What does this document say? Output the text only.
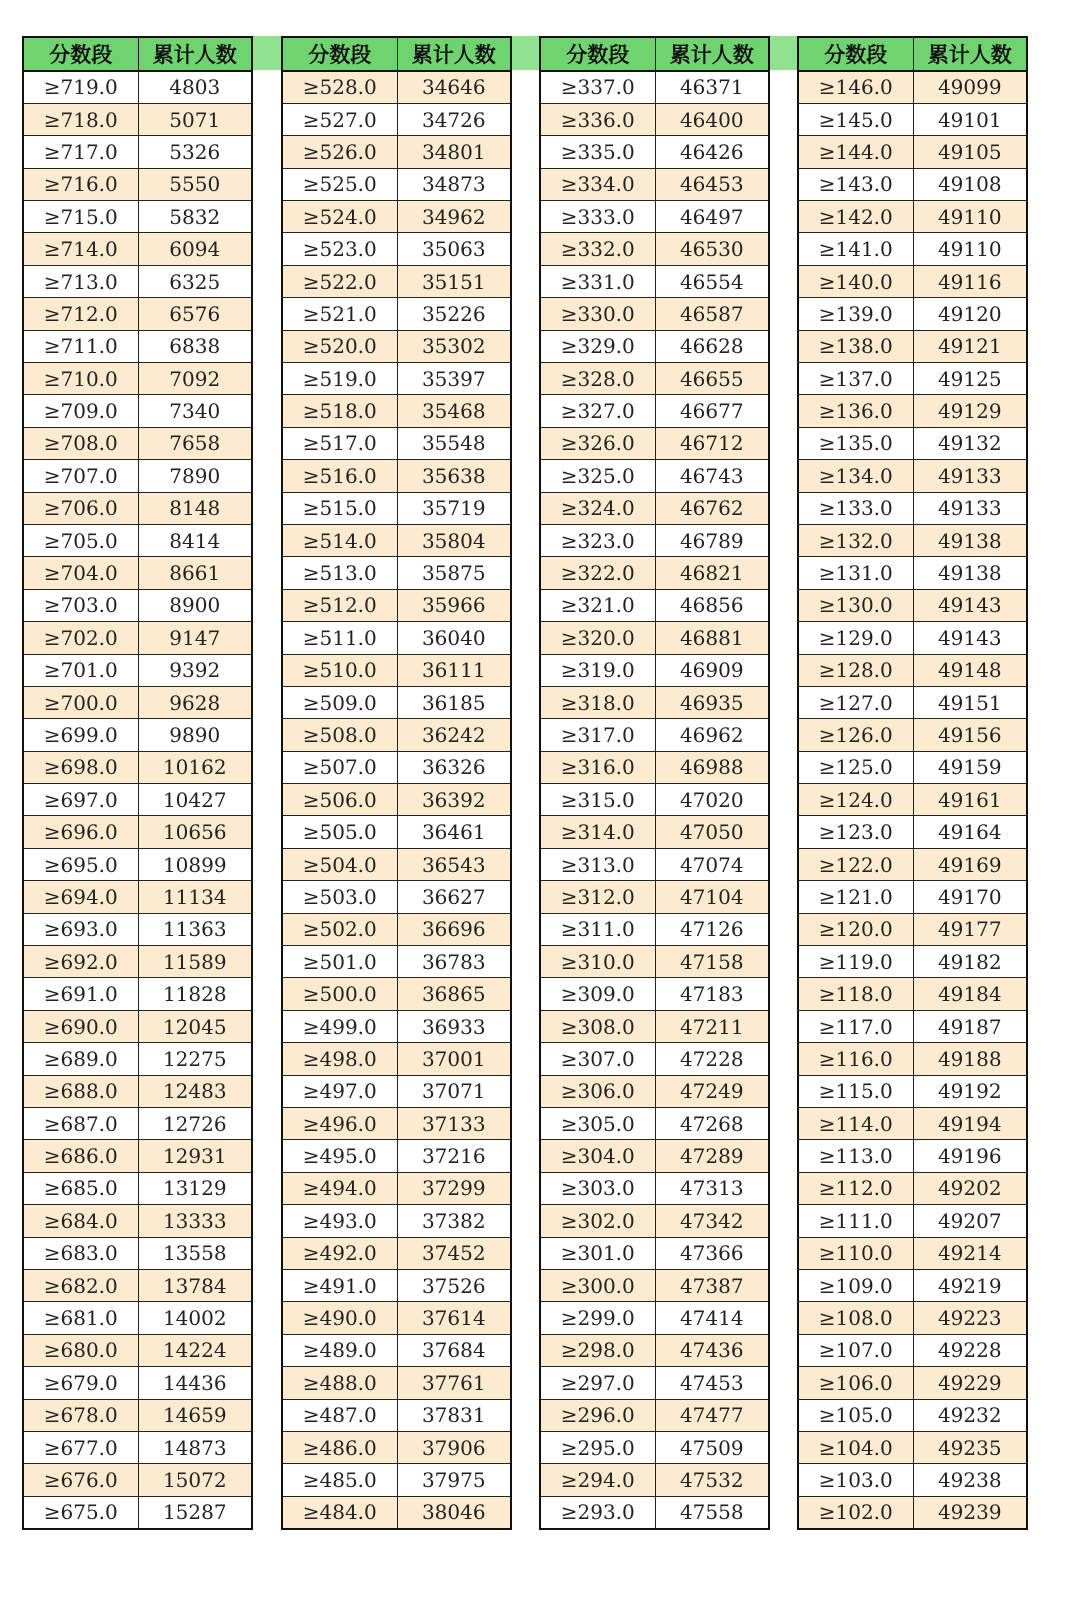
分数段	累计人数
≥719.0	4803
≥718.0	5071
≥717.0	5326
≥716.0	5550
≥715.0	5832
≥714.0	6094
≥713.0	6325
≥712.0	6576
≥711.0	6838
≥710.0	7092
≥709.0	7340
≥708.0	7658
≥707.0	7890
≥706.0	8148
≥705.0	8414
≥704.0	8661
≥703.0	8900
≥702.0	9147
≥701.0	9392
≥700.0	9628
≥699.0	9890
≥698.0	10162
≥697.0	10427
≥696.0	10656
≥695.0	10899
≥694.0	11134
≥693.0	11363
≥692.0	11589
≥691.0	11828
≥690.0	12045
≥689.0	12275
≥688.0	12483
≥687.0	12726
≥686.0	12931
≥685.0	13129
≥684.0	13333
≥683.0	13558
≥682.0	13784
≥681.0	14002
≥680.0	14224
≥679.0	14436
≥678.0	14659
≥677.0	14873
≥676.0	15072
≥675.0	15287
分数段	累计人数
≥528.0	34646
≥527.0	34726
≥526.0	34801
≥525.0	34873
≥524.0	34962
≥523.0	35063
≥522.0	35151
≥521.0	35226
≥520.0	35302
≥519.0	35397
≥518.0	35468
≥517.0	35548
≥516.0	35638
≥515.0	35719
≥514.0	35804
≥513.0	35875
≥512.0	35966
≥511.0	36040
≥510.0	36111
≥509.0	36185
≥508.0	36242
≥507.0	36326
≥506.0	36392
≥505.0	36461
≥504.0	36543
≥503.0	36627
≥502.0	36696
≥501.0	36783
≥500.0	36865
≥499.0	36933
≥498.0	37001
≥497.0	37071
≥496.0	37133
≥495.0	37216
≥494.0	37299
≥493.0	37382
≥492.0	37452
≥491.0	37526
≥490.0	37614
≥489.0	37684
≥488.0	37761
≥487.0	37831
≥486.0	37906
≥485.0	37975
≥484.0	38046
分数段	累计人数
≥337.0	46371
≥336.0	46400
≥335.0	46426
≥334.0	46453
≥333.0	46497
≥332.0	46530
≥331.0	46554
≥330.0	46587
≥329.0	46628
≥328.0	46655
≥327.0	46677
≥326.0	46712
≥325.0	46743
≥324.0	46762
≥323.0	46789
≥322.0	46821
≥321.0	46856
≥320.0	46881
≥319.0	46909
≥318.0	46935
≥317.0	46962
≥316.0	46988
≥315.0	47020
≥314.0	47050
≥313.0	47074
≥312.0	47104
≥311.0	47126
≥310.0	47158
≥309.0	47183
≥308.0	47211
≥307.0	47228
≥306.0	47249
≥305.0	47268
≥304.0	47289
≥303.0	47313
≥302.0	47342
≥301.0	47366
≥300.0	47387
≥299.0	47414
≥298.0	47436
≥297.0	47453
≥296.0	47477
≥295.0	47509
≥294.0	47532
≥293.0	47558
分数段	累计人数
≥146.0	49099
≥145.0	49101
≥144.0	49105
≥143.0	49108
≥142.0	49110
≥141.0	49110
≥140.0	49116
≥139.0	49120
≥138.0	49121
≥137.0	49125
≥136.0	49129
≥135.0	49132
≥134.0	49133
≥133.0	49133
≥132.0	49138
≥131.0	49138
≥130.0	49143
≥129.0	49143
≥128.0	49148
≥127.0	49151
≥126.0	49156
≥125.0	49159
≥124.0	49161
≥123.0	49164
≥122.0	49169
≥121.0	49170
≥120.0	49177
≥119.0	49182
≥118.0	49184
≥117.0	49187
≥116.0	49188
≥115.0	49192
≥114.0	49194
≥113.0	49196
≥112.0	49202
≥111.0	49207
≥110.0	49214
≥109.0	49219
≥108.0	49223
≥107.0	49228
≥106.0	49229
≥105.0	49232
≥104.0	49235
≥103.0	49238
≥102.0	49239
